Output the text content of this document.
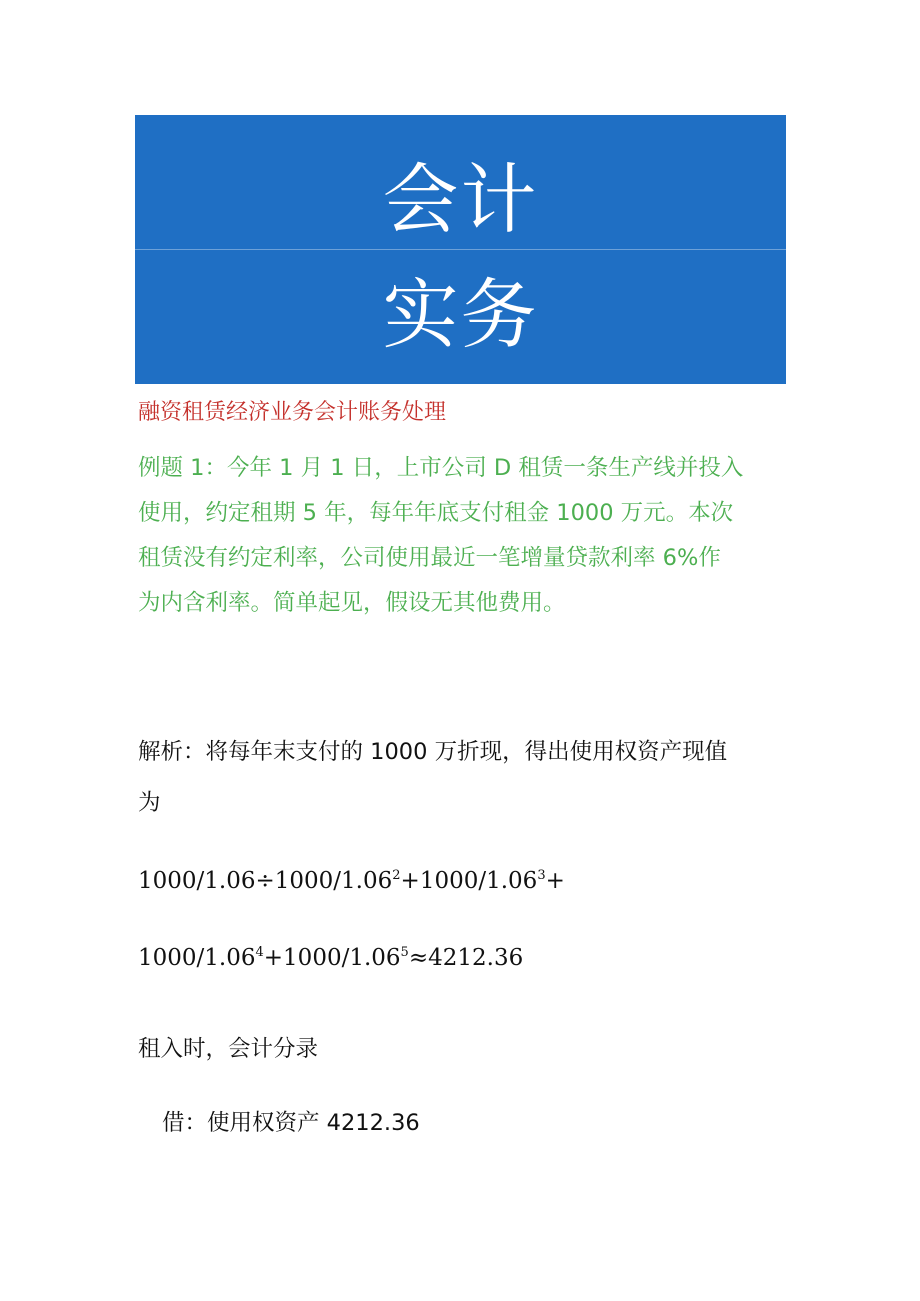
会计
实务
融资租赁经济业务会计账务处理
例题 1：今年 1 月 1 日，上市公司 D 租赁一条生产线并投入
使用，约定租期 5 年，每年年底支付租金 1000 万元。本次
租赁没有约定利率，公司使用最近一笔增量贷款利率 6%作
为内含利率。简单起见，假设无其他费用。
解析：将每年末支付的 1000 万折现，得出使用权资产现值
为
$1000/1.06\div 1000/1.06^2+1000/1.06^3+$
$1000/1.06^4+1000/1.06^5\approx 4212.36$
租入时，会计分录
借：使用权资产 4212.36
